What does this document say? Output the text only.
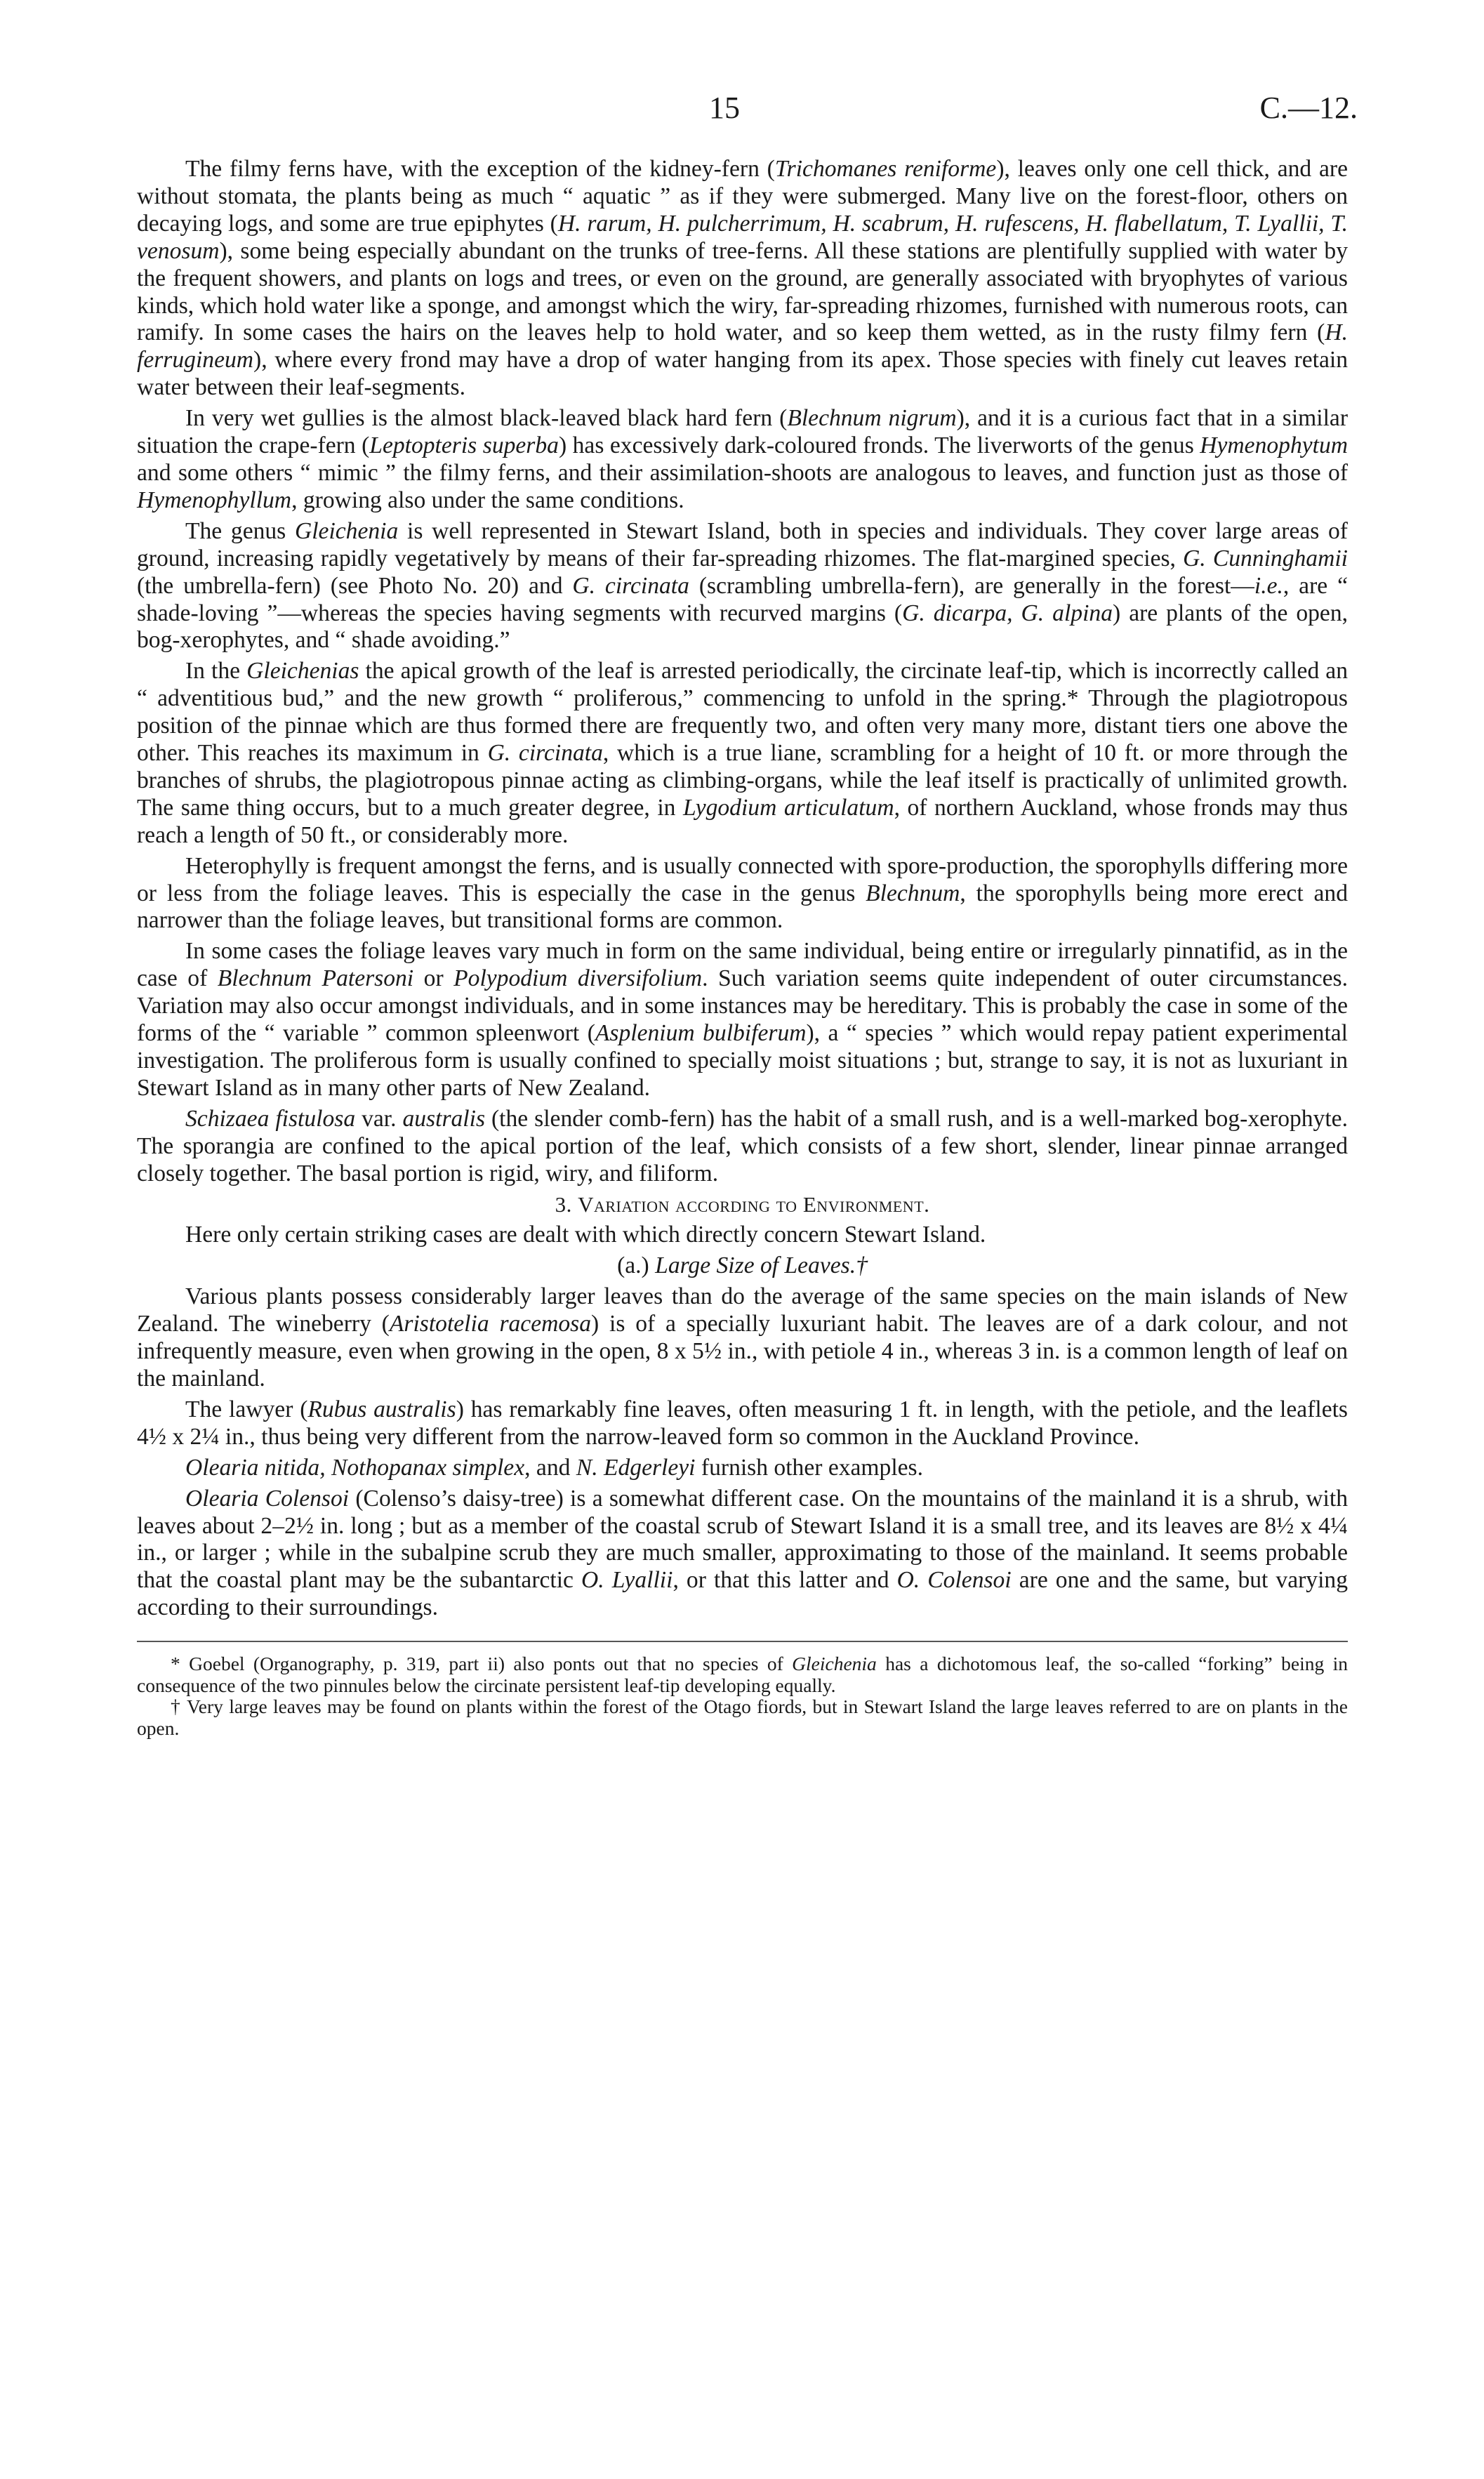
15	C.—12.

The filmy ferns have, with the exception of the kidney-fern (Trichomanes reniforme), leaves only one cell thick, and are without stomata, the plants being as much “ aquatic ” as if they were submerged. Many live on the forest-floor, others on decaying logs, and some are true epiphytes (H. rarum, H. pulcherrimum, H. scabrum, H. rufescens, H. flabellatum, T. Lyallii, T. venosum), some being especially abundant on the trunks of tree-ferns. All these stations are plentifully supplied with water by the frequent showers, and plants on logs and trees, or even on the ground, are generally associated with bryophytes of various kinds, which hold water like a sponge, and amongst which the wiry, far-spreading rhizomes, furnished with numerous roots, can ramify. In some cases the hairs on the leaves help to hold water, and so keep them wetted, as in the rusty filmy fern (H. ferrugineum), where every frond may have a drop of water hanging from its apex. Those species with finely cut leaves retain water between their leaf-segments.

In very wet gullies is the almost black-leaved black hard fern (Blechnum nigrum), and it is a curious fact that in a similar situation the crape-fern (Leptopteris superba) has excessively dark-coloured fronds. The liverworts of the genus Hymenophytum and some others “ mimic ” the filmy ferns, and their assimilation-shoots are analogous to leaves, and function just as those of Hymenophyllum, growing also under the same conditions.

The genus Gleichenia is well represented in Stewart Island, both in species and individuals. They cover large areas of ground, increasing rapidly vegetatively by means of their far-spreading rhizomes. The flat-margined species, G. Cunninghamii (the umbrella-fern) (see Photo No. 20) and G. circinata (scrambling umbrella-fern), are generally in the forest—i.e., are “ shade-loving ”—whereas the species having segments with recurved margins (G. dicarpa, G. alpina) are plants of the open, bog-xerophytes, and “ shade avoiding.”

In the Gleichenias the apical growth of the leaf is arrested periodically, the circinate leaf-tip, which is incorrectly called an “ adventitious bud,” and the new growth “ proliferous,” commencing to unfold in the spring.* Through the plagiotropous position of the pinnae which are thus formed there are frequently two, and often very many more, distant tiers one above the other. This reaches its maximum in G. circinata, which is a true liane, scrambling for a height of 10 ft. or more through the branches of shrubs, the plagiotropous pinnae acting as climbing-organs, while the leaf itself is practically of unlimited growth. The same thing occurs, but to a much greater degree, in Lygodium articulatum, of northern Auckland, whose fronds may thus reach a length of 50 ft., or considerably more.

Heterophylly is frequent amongst the ferns, and is usually connected with spore-production, the sporophylls differing more or less from the foliage leaves. This is especially the case in the genus Blechnum, the sporophylls being more erect and narrower than the foliage leaves, but transitional forms are common.

In some cases the foliage leaves vary much in form on the same individual, being entire or irregularly pinnatifid, as in the case of Blechnum Patersoni or Polypodium diversifolium. Such variation seems quite independent of outer circumstances. Variation may also occur amongst individuals, and in some instances may be hereditary. This is probably the case in some of the forms of the “ variable ” common spleenwort (Asplenium bulbiferum), a “ species ” which would repay patient experimental investigation. The proliferous form is usually confined to specially moist situations ; but, strange to say, it is not as luxuriant in Stewart Island as in many other parts of New Zealand.

Schizaea fistulosa var. australis (the slender comb-fern) has the habit of a small rush, and is a well-marked bog-xerophyte. The sporangia are confined to the apical portion of the leaf, which consists of a few short, slender, linear pinnae arranged closely together. The basal portion is rigid, wiry, and filiform.

3. Variation according to Environment.

Here only certain striking cases are dealt with which directly concern Stewart Island.

(a.) Large Size of Leaves.†

Various plants possess considerably larger leaves than do the average of the same species on the main islands of New Zealand. The wineberry (Aristotelia racemosa) is of a specially luxuriant habit. The leaves are of a dark colour, and not infrequently measure, even when growing in the open, 8 x 5½ in., with petiole 4 in., whereas 3 in. is a common length of leaf on the mainland.

The lawyer (Rubus australis) has remarkably fine leaves, often measuring 1 ft. in length, with the petiole, and the leaflets 4½ x 2¼ in., thus being very different from the narrow-leaved form so common in the Auckland Province.

Olearia nitida, Nothopanax simplex, and N. Edgerleyi furnish other examples.

Olearia Colensoi (Colenso’s daisy-tree) is a somewhat different case. On the mountains of the mainland it is a shrub, with leaves about 2–2½ in. long ; but as a member of the coastal scrub of Stewart Island it is a small tree, and its leaves are 8½ x 4¼ in., or larger ; while in the subalpine scrub they are much smaller, approximating to those of the mainland. It seems probable that the coastal plant may be the subantarctic O. Lyallii, or that this latter and O. Colensoi are one and the same, but varying according to their surroundings.

* Goebel (Organography, p. 319, part ii) also ponts out that no species of Gleichenia has a dichotomous leaf, the so-called “forking” being in consequence of the two pinnules below the circinate persistent leaf-tip developing equally.

† Very large leaves may be found on plants within the forest of the Otago fiords, but in Stewart Island the large leaves referred to are on plants in the open.
